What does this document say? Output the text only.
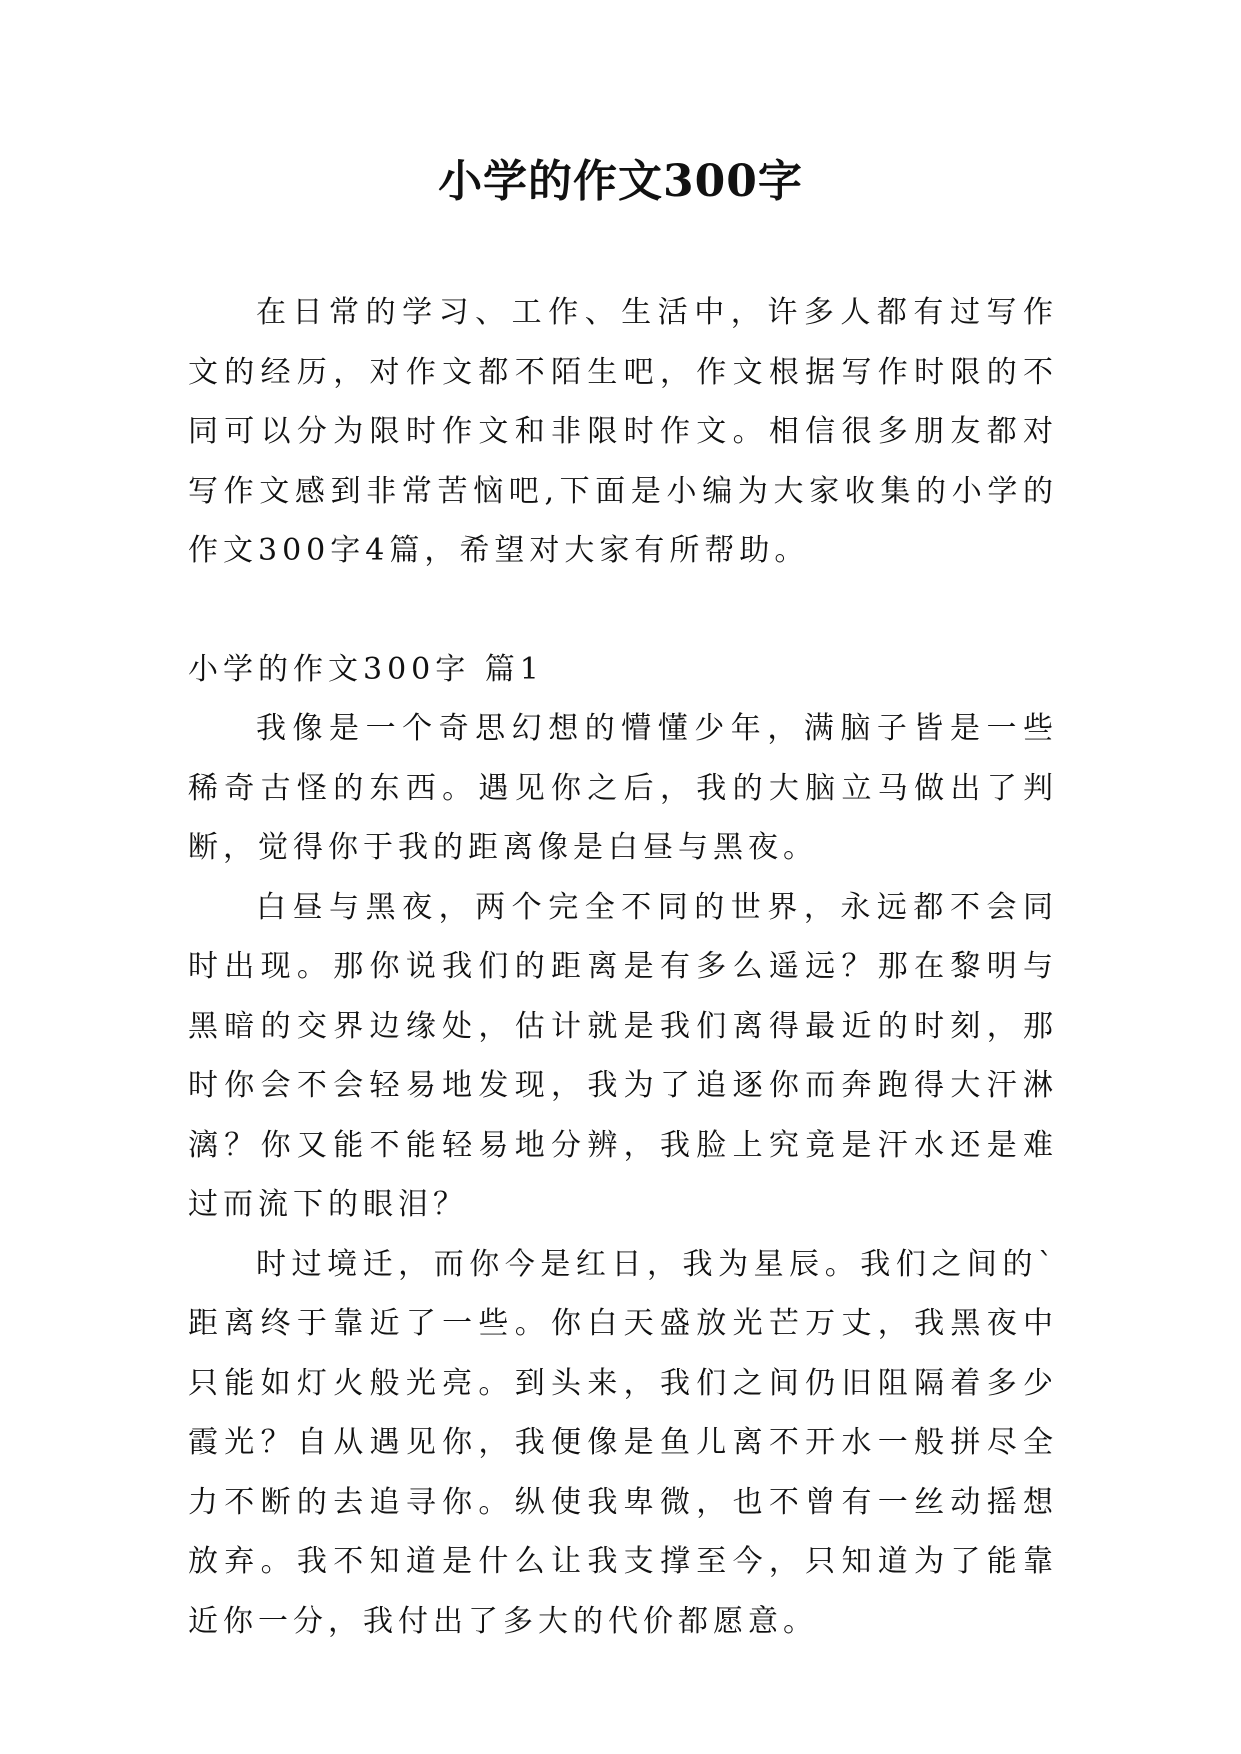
小学的作文300字

在日常的学习、工作、生活中，许多人都有过写作文的经历，对作文都不陌生吧，作文根据写作时限的不同可以分为限时作文和非限时作文。相信很多朋友都对写作文感到非常苦恼吧,下面是小编为大家收集的小学的作文300字4篇，希望对大家有所帮助。

小学的作文300字 篇1

我像是一个奇思幻想的懵懂少年，满脑子皆是一些稀奇古怪的东西。遇见你之后，我的大脑立马做出了判断，觉得你于我的距离像是白昼与黑夜。

白昼与黑夜，两个完全不同的世界，永远都不会同时出现。那你说我们的距离是有多么遥远？那在黎明与黑暗的交界边缘处，估计就是我们离得最近的时刻，那时你会不会轻易地发现，我为了追逐你而奔跑得大汗淋漓？你又能不能轻易地分辨，我脸上究竟是汗水还是难过而流下的眼泪？

时过境迁，而你今是红日，我为星辰。我们之间的`距离终于靠近了一些。你白天盛放光芒万丈，我黑夜中只能如灯火般光亮。到头来，我们之间仍旧阻隔着多少霞光？自从遇见你，我便像是鱼儿离不开水一般拼尽全力不断的去追寻你。纵使我卑微，也不曾有一丝动摇想放弃。我不知道是什么让我支撑至今，只知道为了能靠近你一分，我付出了多大的代价都愿意。
